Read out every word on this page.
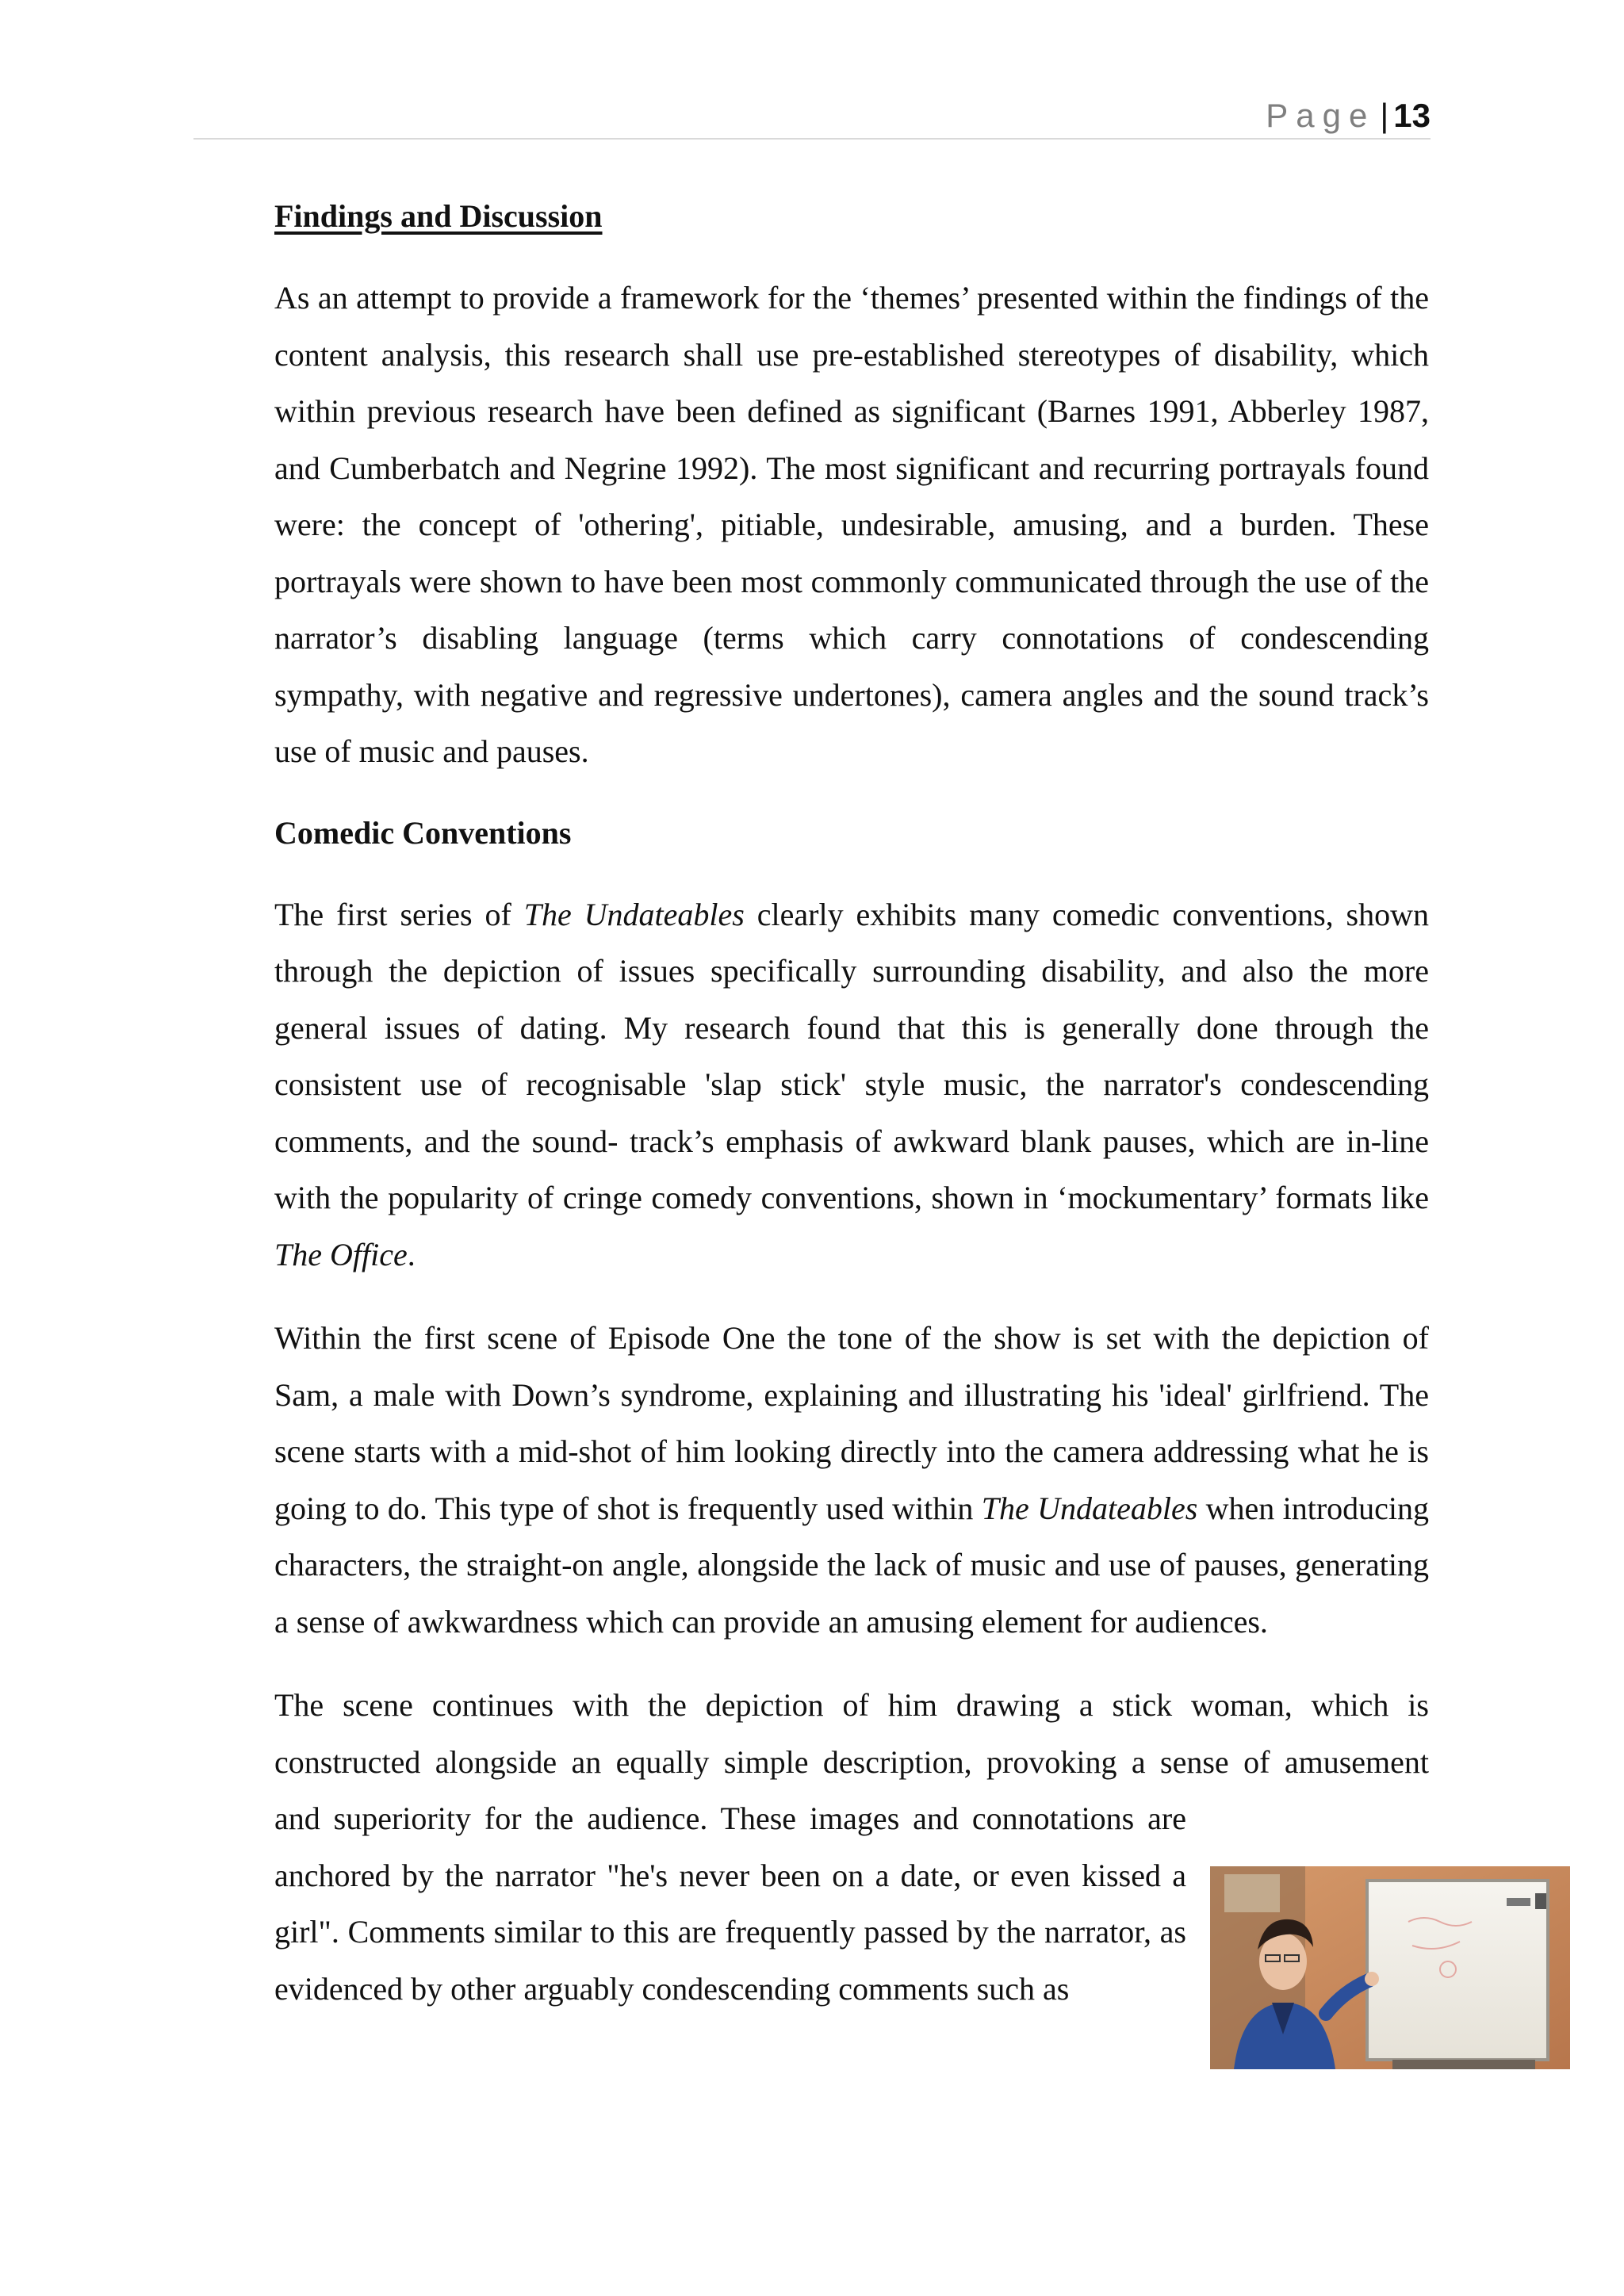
Page | 13
Findings and Discussion

As an attempt to provide a framework for the ‘themes’ presented within the findings of the content analysis, this research shall use pre-established stereotypes of disability, which within previous research have been defined as significant (Barnes 1991, Abberley 1987, and Cumberbatch and Negrine 1992). The most significant and recurring portrayals found were: the concept of 'othering', pitiable, undesirable, amusing, and a burden. These portrayals were shown to have been most commonly communicated through the use of the narrator’s disabling language (terms which carry connotations of condescending sympathy, with negative and regressive undertones), camera angles and the sound track’s use of music and pauses.

Comedic Conventions

The first series of The Undateables clearly exhibits many comedic conventions, shown through the depiction of issues specifically surrounding disability, and also the more general issues of dating. My research found that this is generally done through the consistent use of recognisable 'slap stick' style music, the narrator's condescending comments, and the sound- track’s emphasis of awkward blank pauses, which are in-line with the popularity of cringe comedy conventions, shown in ‘mockumentary’ formats like The Office.

Within the first scene of Episode One the tone of the show is set with the depiction of Sam, a male with Down’s syndrome, explaining and illustrating his 'ideal' girlfriend. The scene starts with a mid-shot of him looking directly into the camera addressing what he is going to do. This type of shot is frequently used within The Undateables when introducing characters, the straight-on angle, alongside the lack of music and use of pauses, generating a sense of awkwardness which can provide an amusing element for audiences.

The scene continues with the depiction of him drawing a stick woman, which is constructed alongside an equally simple description, provoking a sense of amusement
and superiority for the audience. These images and connotations are anchored by the narrator "he's never been on a date, or even kissed a girl". Comments similar to this are frequently passed by the narrator, as evidenced by other arguably condescending comments such as
